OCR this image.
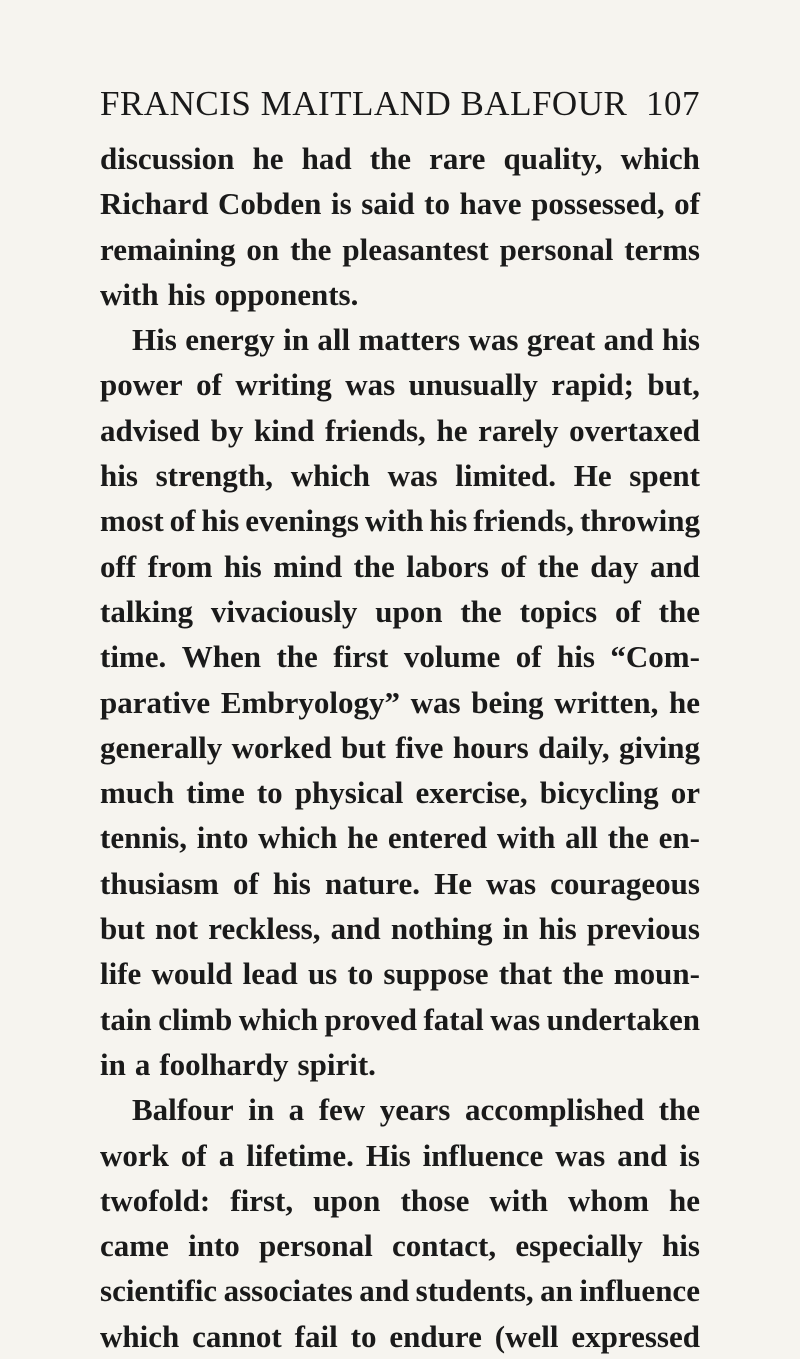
FRANCIS MAITLAND BALFOUR 107
discussion he had the rare quality, which
Richard Cobden is said to have possessed, of
remaining on the pleasantest personal terms
with his opponents.
His energy in all matters was great and his
power of writing was unusually rapid; but,
advised by kind friends, he rarely overtaxed
his strength, which was limited. He spent
most of his evenings with his friends, throwing
off from his mind the labors of the day and
talking vivaciously upon the topics of the
time. When the first volume of his “Com-
parative Embryology” was being written, he
generally worked but five hours daily, giving
much time to physical exercise, bicycling or
tennis, into which he entered with all the en-
thusiasm of his nature. He was courageous
but not reckless, and nothing in his previous
life would lead us to suppose that the moun-
tain climb which proved fatal was undertaken
in a foolhardy spirit.
Balfour in a few years accomplished the
work of a lifetime. His influence was and is
twofold: first, upon those with whom he
came into personal contact, especially his
scientific associates and students, an influence
which cannot fail to endure (well expressed
